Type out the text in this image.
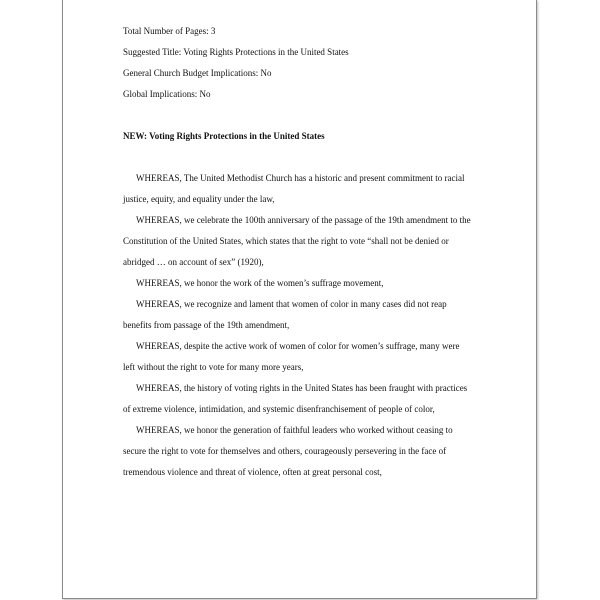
Total Number of Pages: 3
Suggested Title: Voting Rights Protections in the United States
General Church Budget Implications: No
Global Implications: No
NEW: Voting Rights Protections in the United States
WHEREAS, The United Methodist Church has a historic and present commitment to racial
justice, equity, and equality under the law,
WHEREAS, we celebrate the 100th anniversary of the passage of the 19th amendment to the
Constitution of the United States, which states that the right to vote “shall not be denied or
abridged … on account of sex” (1920),
WHEREAS, we honor the work of the women’s suffrage movement,
WHEREAS, we recognize and lament that women of color in many cases did not reap
benefits from passage of the 19th amendment,
WHEREAS, despite the active work of women of color for women’s suffrage, many were
left without the right to vote for many more years,
WHEREAS, the history of voting rights in the United States has been fraught with practices
of extreme violence, intimidation, and systemic disenfranchisement of people of color,
WHEREAS, we honor the generation of faithful leaders who worked without ceasing to
secure the right to vote for themselves and others, courageously persevering in the face of
tremendous violence and threat of violence, often at great personal cost,
